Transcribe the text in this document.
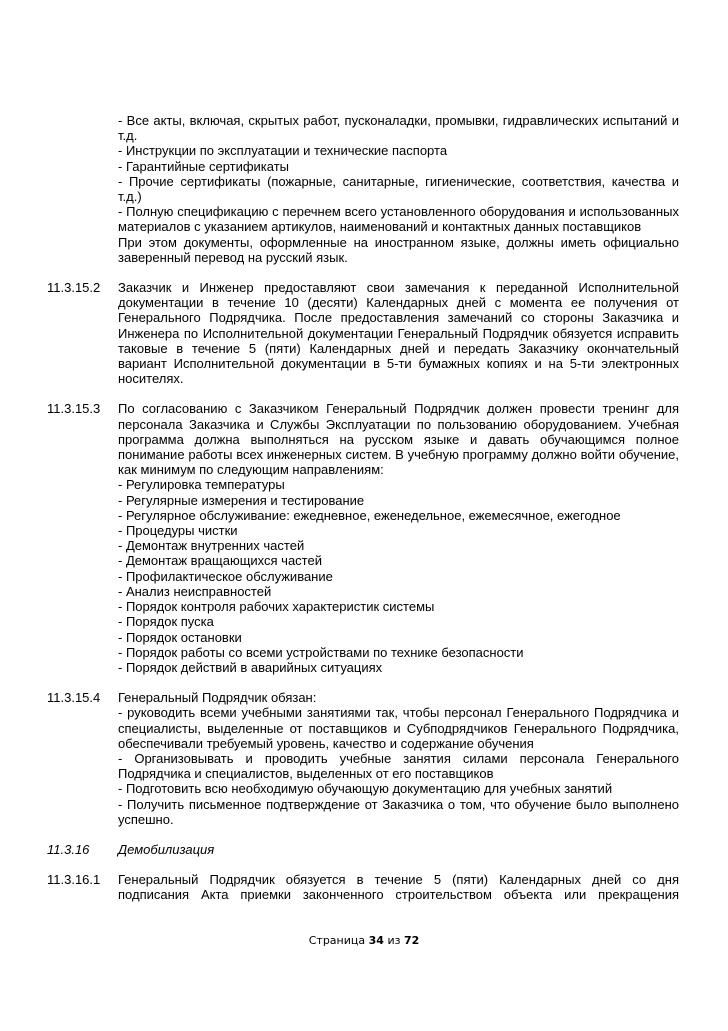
- Все акты, включая, скрытых работ, пусконаладки, промывки, гидравлических испытаний и т.д.
- Инструкции по эксплуатации и технические паспорта
- Гарантийные сертификаты
- Прочие сертификаты (пожарные, санитарные, гигиенические, соответствия, качества и т.д.)
- Полную спецификацию с перечнем всего установленного оборудования и использованных материалов с указанием артикулов, наименований и контактных данных поставщиков
При этом документы, оформленные на иностранном языке, должны иметь официально заверенный перевод на русский язык.
11.3.15.2	Заказчик и Инженер предоставляют свои замечания к переданной Исполнительной документации в течение 10 (десяти) Календарных дней с момента ее получения от Генерального Подрядчика. После предоставления замечаний со стороны Заказчика и Инженера по Исполнительной документации Генеральный Подрядчик обязуется исправить таковые в течение 5 (пяти) Календарных дней и передать Заказчику окончательный вариант Исполнительной документации в 5-ти бумажных копиях и на 5-ти электронных носителях.
11.3.15.3	По согласованию с Заказчиком Генеральный Подрядчик должен провести тренинг для персонала Заказчика и Службы Эксплуатации по пользованию оборудованием. Учебная программа должна выполняться на русском языке и давать обучающимся полное понимание работы всех инженерных систем. В учебную программу должно войти обучение, как минимум по следующим направлениям:
- Регулировка температуры
- Регулярные измерения и тестирование
- Регулярное обслуживание: ежедневное, еженедельное, ежемесячное, ежегодное
- Процедуры чистки
- Демонтаж внутренних частей
- Демонтаж вращающихся частей
- Профилактическое обслуживание
- Анализ неисправностей
- Порядок контроля рабочих характеристик системы
- Порядок пуска
- Порядок остановки
- Порядок работы со всеми устройствами по технике безопасности
- Порядок действий в аварийных ситуациях
11.3.15.4	Генеральный Подрядчик обязан:
- руководить всеми учебными занятиями так, чтобы персонал Генерального Подрядчика и специалисты, выделенные от поставщиков и Субподрядчиков Генерального Подрядчика, обеспечивали требуемый уровень, качество и содержание обучения
- Организовывать и проводить учебные занятия силами персонала Генерального Подрядчика и специалистов, выделенных от его поставщиков
- Подготовить всю необходимую обучающую документацию для учебных занятий
- Получить письменное подтверждение от Заказчика о том, что обучение было выполнено успешно.
11.3.16	Демобилизация
11.3.16.1	Генеральный Подрядчик обязуется в течение 5 (пяти) Календарных дней со дня подписания Акта приемки законченного строительством объекта или прекращения
Страница 34 из 72
